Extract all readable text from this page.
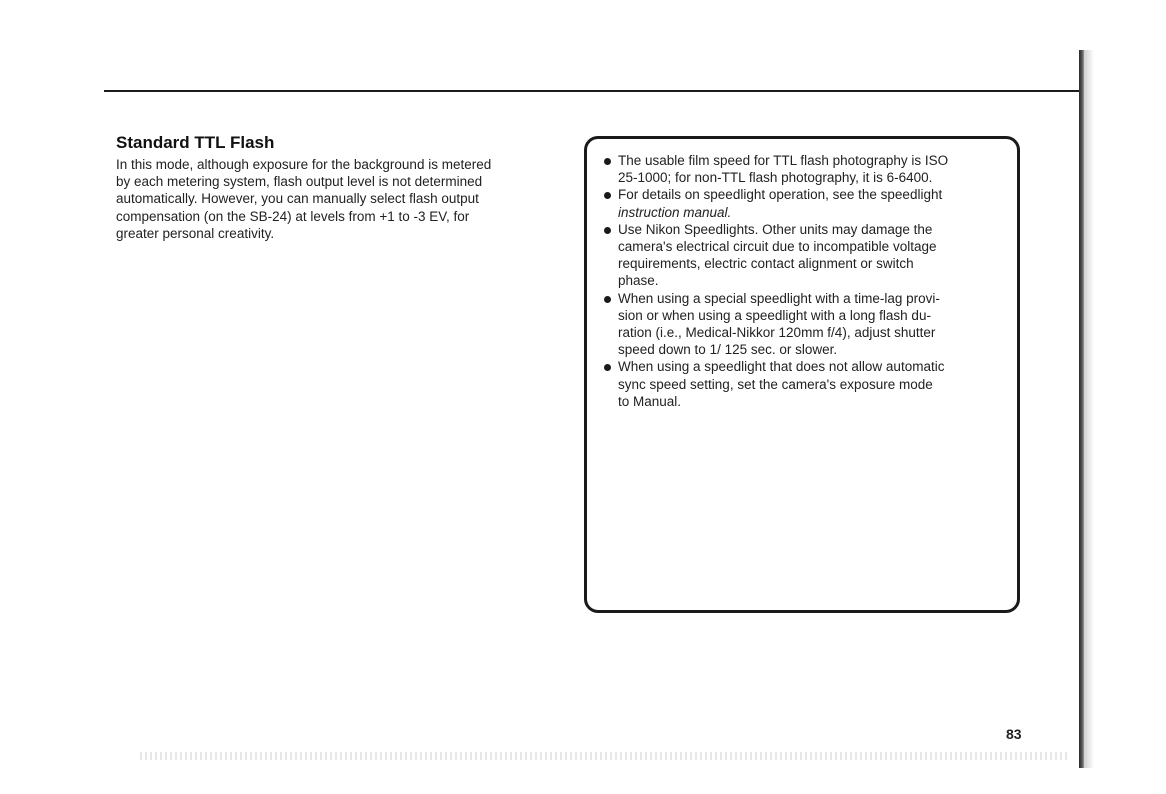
Standard TTL Flash

In this mode, although exposure for the background is metered
by each metering system, flash output level is not determined
automatically. However, you can manually select flash output
compensation (on the SB-24) at levels from +1 to -3 EV, for
greater personal creativity.

The usable film speed for TTL flash photography is ISO
25-1000; for non-TTL flash photography, it is 6-6400.
For details on speedlight operation, see the speedlight
instruction manual.
Use Nikon Speedlights. Other units may damage the
camera's electrical circuit due to incompatible voltage
requirements, electric contact alignment or switch
phase.
When using a special speedlight with a time-lag provi-
sion or when using a speedlight with a long flash du-
ration (i.e., Medical-Nikkor 120mm f/4), adjust shutter
speed down to 1/ 125 sec. or slower.
When using a speedlight that does not allow automatic
sync speed setting, set the camera's exposure mode
to Manual.
83
